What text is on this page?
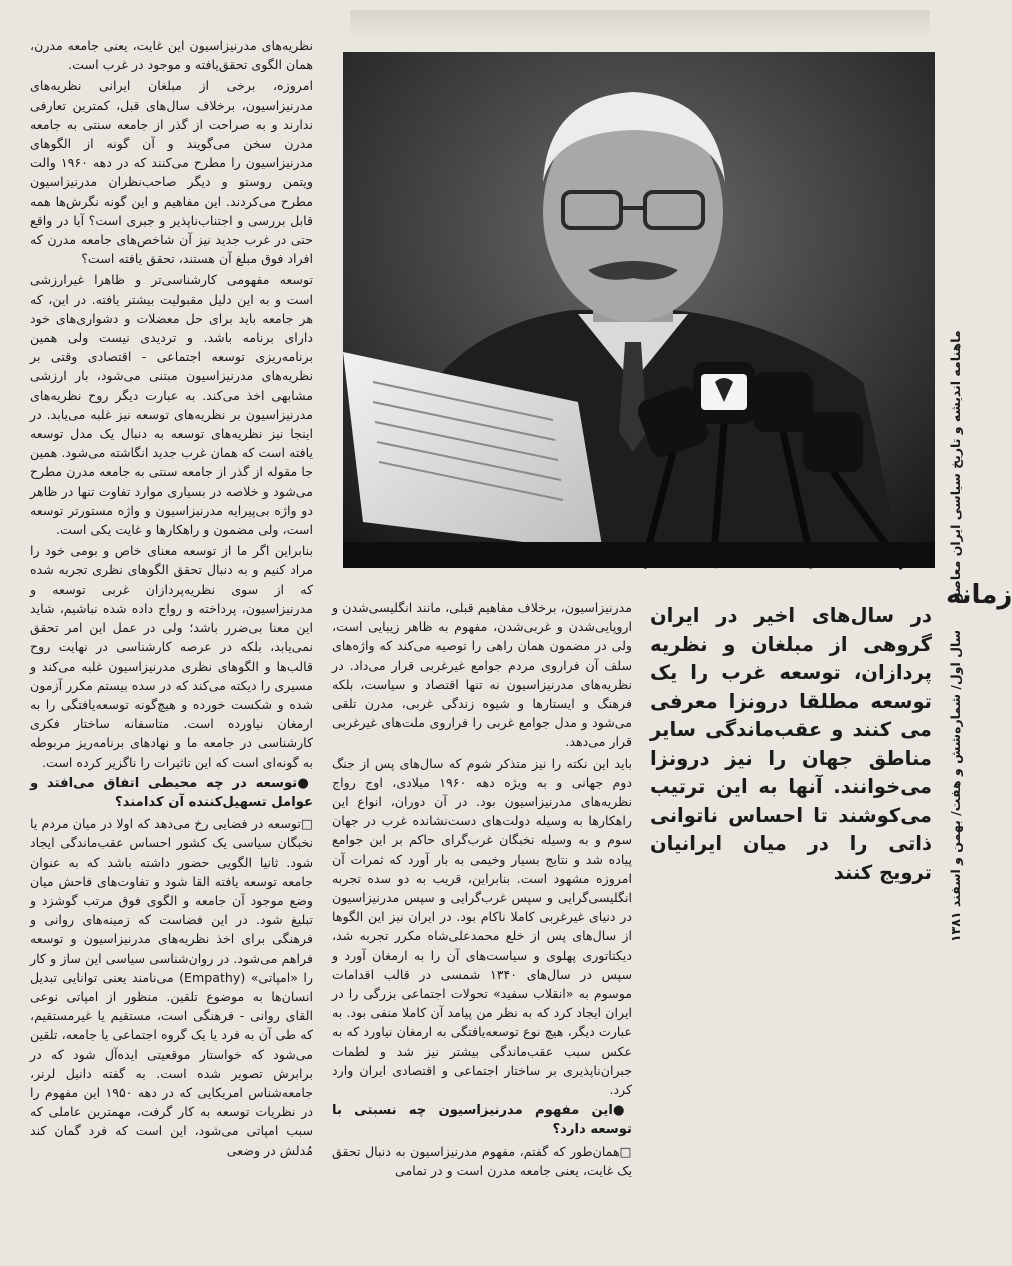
ماهنامه اندیشه و تاریخ سیاسی ایران معاصر
زمانه
سال اول/ شماره‌شش و هفت/ بهمن و اسفند ۱۳۸۱
در سال‌های اخیر در ایران گروهی از مبلغان و نظریه پردازان، توسعه غرب را یک توسعه مطلقا درونزا معرفی می کنند و عقب‌ماندگی سایر مناطق جهان را نیز درونزا می‌خوانند. آنها به این ترتیب می‌کوشند تا احساس ناتوانی ذاتی را در میان ایرانیان ترویج کنند

نظریه‌های مدرنیزاسیون این غایت، یعنی جامعه مدرن، همان الگوی تحقق‌یافته و موجود در غرب است.

امروزه، برخی از مبلغان ایرانی نظریه‌های مدرنیزاسیون، برخلاف سال‌های قبل، کمترین تعارفی ندارند و به صراحت از گذر از جامعه سنتی به جامعه مدرن سخن می‌گویند و آن گونه از الگوهای مدرنیزاسیون را مطرح می‌کنند که در دهه ۱۹۶۰ والت ویتمن روستو و دیگر صاحب‌نظران مدرنیزاسیون مطرح می‌کردند. این مفاهیم و این گونه نگرش‌ها همه قابل بررسی و اجتناب‌ناپذیر و جبری است؟ آیا در واقع حتی در غرب جدید نیز آن شاخص‌های جامعه مدرن که افراد فوق مبلغ آن هستند، تحقق یافته است؟

توسعه مفهومی کارشناسی‌تر و ظاهرا غیرارزشی است و به این دلیل مقبولیت بیشتر یافته. در این، که هر جامعه باید برای حل معضلات و دشواری‌های خود دارای برنامه باشد. و تردیدی نیست ولی همین برنامه‌ریزی توسعه اجتماعی - اقتصادی وقتی بر نظریه‌های مدرنیزاسیون مبتنی می‌شود، بار ارزشی مشابهی اخذ می‌کند. به عبارت دیگر روح نظریه‌های مدرنیزاسیون بر نظریه‌های توسعه نیز غلبه می‌یابد. در اینجا نیز نظریه‌های توسعه به دنبال یک مدل توسعه یافته است که همان غرب جدید انگاشته می‌شود. همین جا مقوله از گذر از جامعه سنتی به جامعه مدرن مطرح می‌شود و خلاصه در بسیاری موارد تفاوت تنها در ظاهر دو واژه بی‌پیرایه مدرنیزاسیون و واژه مستورتر توسعه است، ولی مضمون و راهکارها و غایت یکی است.

بنابراین اگر ما از توسعه معنای خاص و بومی خود را مراد کنیم و به دنبال تحقق الگوهای نظری تجربه شده که از سوی نظریه‌پردازان غربی توسعه و مدرنیزاسیون، پرداخته و رواج داده شده نباشیم، شاید این معنا بی‌ضرر باشد؛ ولی در عمل این امر تحقق نمی‌یابد، بلکه در عرصه کارشناسی در نهایت روح قالب‌ها و الگوهای نظری مدرنیزاسیون غلبه می‌کند و مسیری را دیکته می‌کند که در سده بیستم مکرر آزمون شده و شکست خورده و هیچ‌گونه توسعه‌یافتگی را به ارمغان نیاورده است. متاسفانه ساختار فکری کارشناسی در جامعه ما و نهادهای برنامه‌ریز مربوطه به گونه‌ای است که این تاثیرات را ناگزیر کرده است.

●توسعه در چه محیطی اتفاق می‌افتد و عوامل تسهیل‌کننده آن کدامند؟

□توسعه در فضایی رخ می‌دهد که اولا در میان مردم یا نخبگان سیاسی یک کشور احساس عقب‌ماندگی ایجاد شود. ثانیا الگویی حضور داشته باشد که به عنوان جامعه توسعه یافته القا شود و تفاوت‌های فاحش میان وضع موجود آن جامعه و الگوی فوق مرتب گوشزد و تبلیغ شود. در این فضاست که زمینه‌های روانی و فرهنگی برای اخذ نظریه‌های مدرنیزاسیون و توسعه فراهم می‌شود. در روان‌شناسی سیاسی این ساز و کار را «امپاتی» (Empathy) می‌نامند یعنی توانایی تبدیل انسان‌ها به موضوع تلقین. منظور از امپاتی نوعی القای روانی - فرهنگی است، مستقیم یا غیرمستقیم، که طی آن به فرد یا یک گروه اجتماعی یا جامعه، تلقین می‌شود که خواستار موقعیتی ایده‌آل شود که در برابرش تصویر شده است. به گفته دانیل لرنر، جامعه‌شناس امریکایی که در دهه ۱۹۵۰ این مفهوم را در نظریات توسعه به کار گرفت، مهمترین عاملی که سبب امپاتی می‌شود، این است که فرد گمان کند مُدلش در وضعی

مدرنیزاسیون، برخلاف مفاهیم قبلی، مانند انگلیسی‌شدن و اروپایی‌شدن و غربی‌شدن، مفهوم به ظاهر زیبایی است، ولی در مضمون همان راهی را توصیه می‌کند که واژه‌های سلف آن فراروی مردم جوامع غیرغربی قرار می‌داد. در نظریه‌های مدرنیزاسیون نه تنها اقتصاد و سیاست، بلکه فرهنگ و ایستارها و شیوه زندگی غربی، مدرن تلقی می‌شود و مدل جوامع غربی را فراروی ملت‌های غیرغربی قرار می‌دهد.

باید این نکته را نیز متذکر شوم که سال‌های پس از جنگ دوم جهانی و به ویژه دهه ۱۹۶۰ میلادی، اوج رواج نظریه‌های مدرنیزاسیون بود. در آن دوران، انواع این راهکارها به وسیله دولت‌های دست‌نشانده غرب در جهان سوم و به وسیله نخبگان غرب‌گرای حاکم بر این جوامع پیاده شد و نتایج بسیار وخیمی به بار آورد که ثمرات آن امروزه مشهود است. بنابراین، قریب به دو سده تجربه انگلیسی‌گرایی و سپس غرب‌گرایی و سپس مدرنیزاسیون در دنیای غیرغربی کاملا ناکام بود. در ایران نیز این الگوها از سال‌های پس از خلع محمدعلی‌شاه مکرر تجربه شد، دیکتاتوری پهلوی و سیاست‌های آن را به ارمغان آورد و سپس در سال‌های ۱۳۴۰ شمسی در قالب اقدامات موسوم به «انقلاب سفید» تحولات اجتماعی بزرگی را در ایران ایجاد کرد که به نظر من پیامد آن کاملا منفی بود. به عبارت دیگر، هیچ نوع توسعه‌یافتگی به ارمغان نیاورد که به عکس سبب عقب‌ماندگی بیشتر نیز شد و لطمات جبران‌ناپذیری بر ساختار اجتماعی و اقتصادی ایران وارد کرد.

●این مفهوم مدرنیزاسیون چه نسبتی با توسعه دارد؟

□همان‌طور که گفتم، مفهوم مدرنیزاسیون به دنبال تحقق یک غایت، یعنی جامعه مدرن است و در تمامی
